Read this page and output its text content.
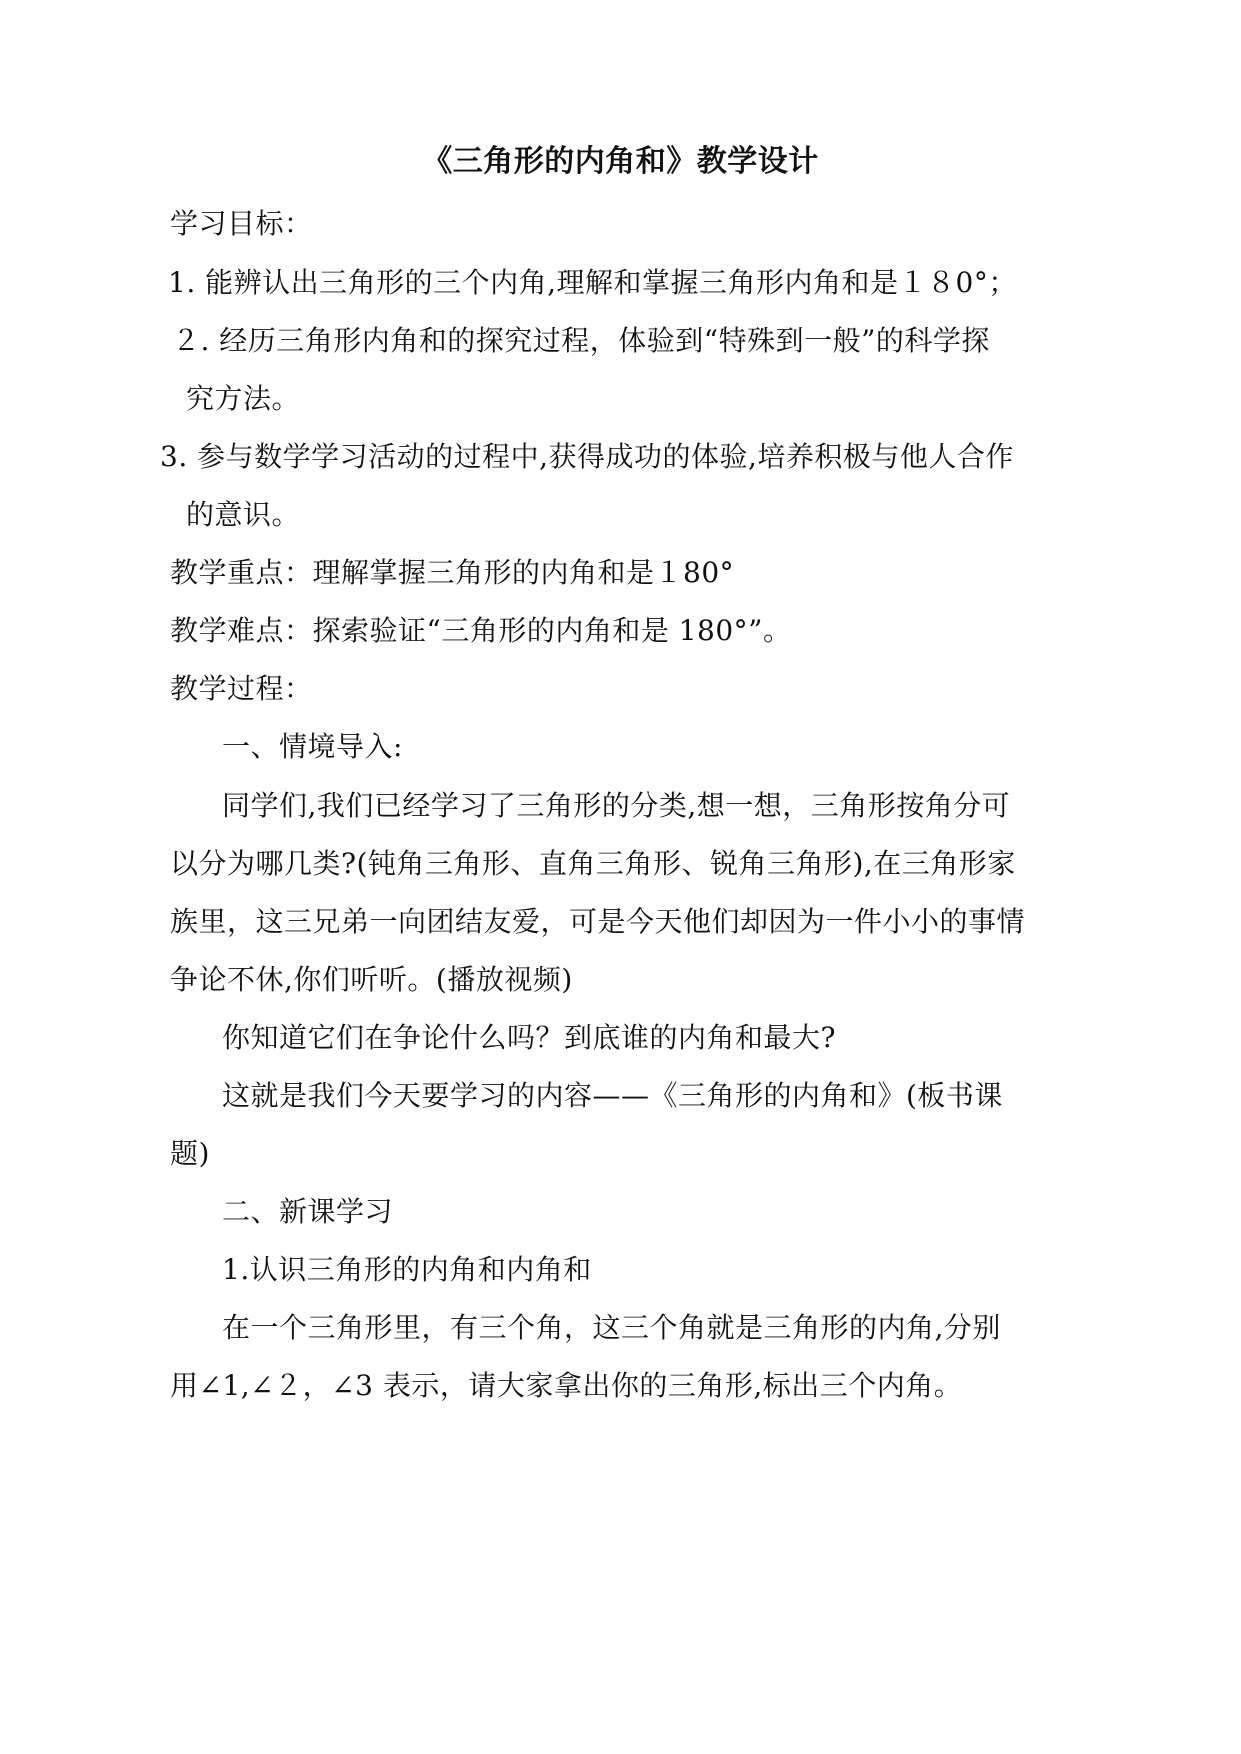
《三角形的内角和》教学设计
学习目标：
1. 能辨认出三角形的三个内角,理解和掌握三角形内角和是１８0°；
２. 经历三角形内角和的探究过程，体验到“特殊到一般”的科学探
究方法。
3. 参与数学学习活动的过程中,获得成功的体验,培养积极与他人合作
的意识。
教学重点：理解掌握三角形的内角和是１80°
教学难点：探索验证“三角形的内角和是 180°”。
教学过程：
一、情境导入:
同学们,我们已经学习了三角形的分类,想一想，三角形按角分可
以分为哪几类?(钝角三角形、直角三角形、锐角三角形),在三角形家
族里，这三兄弟一向团结友爱，可是今天他们却因为一件小小的事情
争论不休,你们听听。(播放视频)
你知道它们在争论什么吗？到底谁的内角和最大?
这就是我们今天要学习的内容——《三角形的内角和》(板书课
题)
二、新课学习
1.认识三角形的内角和内角和
在一个三角形里，有三个角，这三个角就是三角形的内角,分别
用∠1,∠２，∠3 表示，请大家拿出你的三角形,标出三个内角。
